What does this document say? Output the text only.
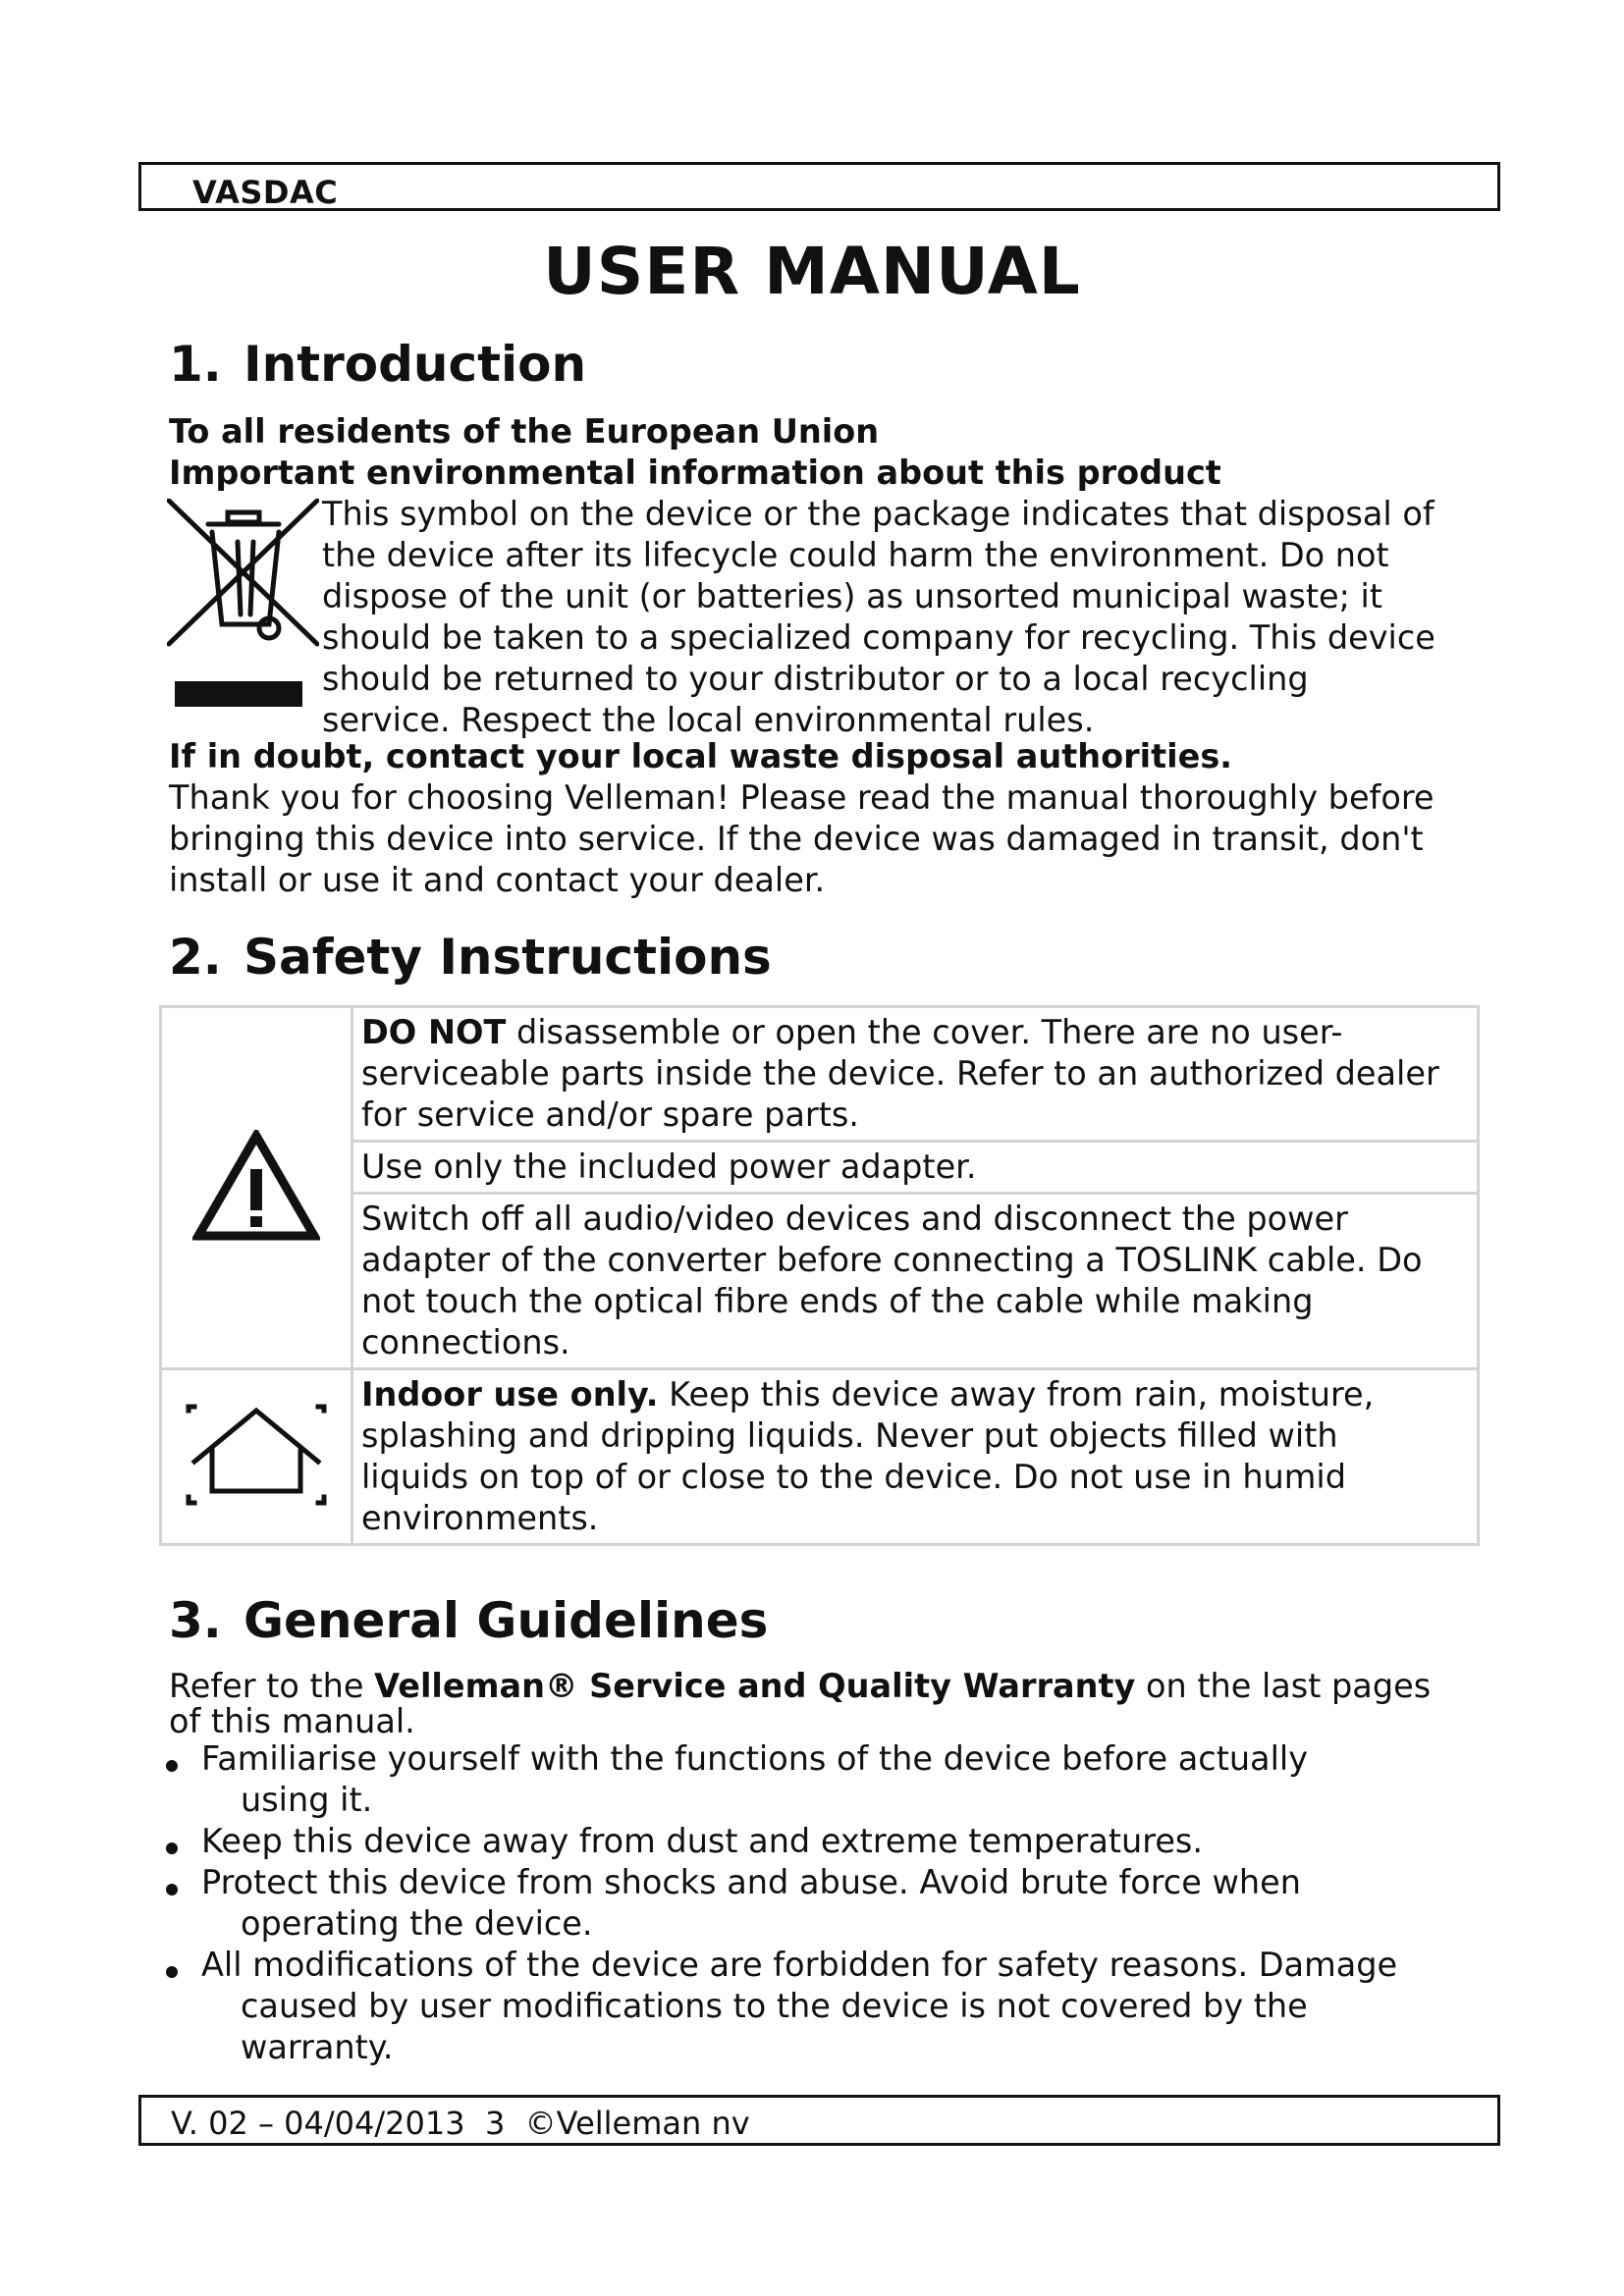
VASDAC
USER MANUAL
1. Introduction
To all residents of the European Union
Important environmental information about this product
This symbol on the device or the package indicates that disposal of
the device after its lifecycle could harm the environment. Do not
dispose of the unit (or batteries) as unsorted municipal waste; it
should be taken to a specialized company for recycling. This device
should be returned to your distributor or to a local recycling
service. Respect the local environmental rules.
If in doubt, contact your local waste disposal authorities.
Thank you for choosing Velleman! Please read the manual thoroughly before
bringing this device into service. If the device was damaged in transit, don't
install or use it and contact your dealer.
2. Safety Instructions

DO NOT disassemble or open the cover. There are no user-
serviceable parts inside the device. Refer to an authorized dealer
for service and/or spare parts.

	Use only the included power adapter.

	Switch off all audio/video devices and disconnect the power
adapter of the converter before connecting a TOSLINK cable. Do
not touch the optical fibre ends of the cable while making
connections.

Indoor use only. Keep this device away from rain, moisture,
splashing and dripping liquids. Never put objects filled with
liquids on top of or close to the device. Do not use in humid
environments.
3. General Guidelines
Refer to the Velleman® Service and Quality Warranty on the last pages
of this manual.
Familiarise yourself with the functions of the device before actually
using it.
Keep this device away from dust and extreme temperatures.
Protect this device from shocks and abuse. Avoid brute force when
operating the device.
All modifications of the device are forbidden for safety reasons. Damage
caused by user modifications to the device is not covered by the
warranty.
V. 02 – 04/04/2013  3  ©Velleman nv
